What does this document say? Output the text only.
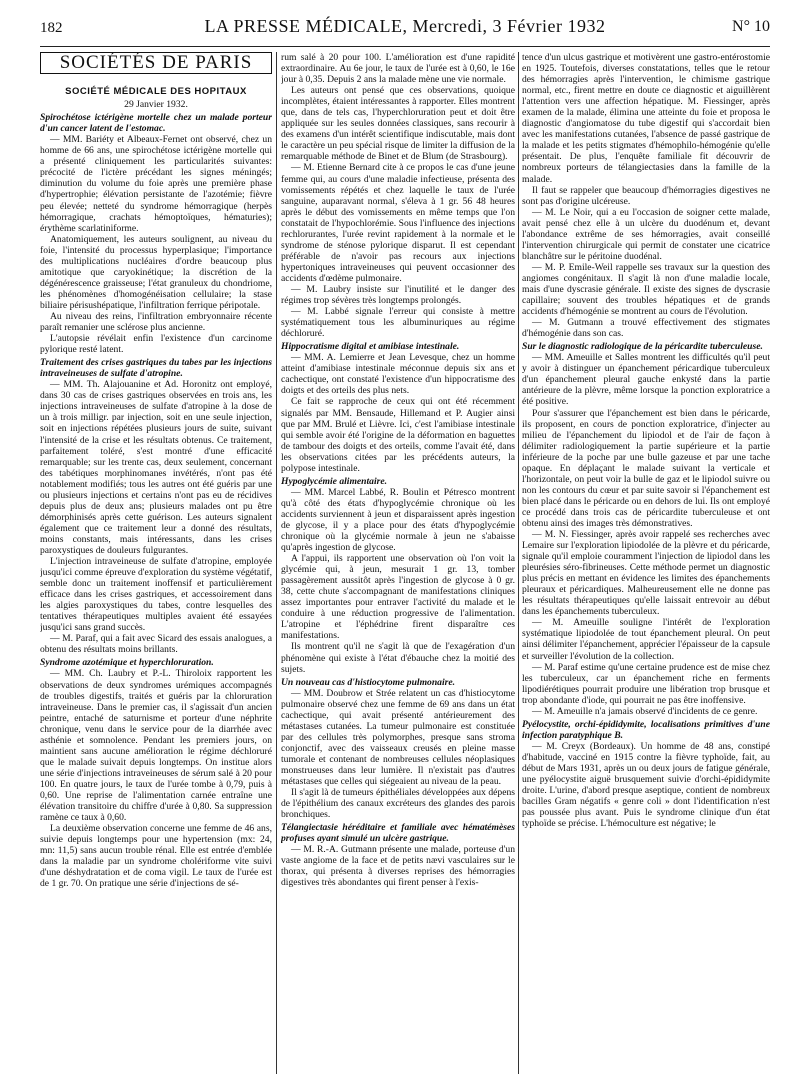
182	LA PRESSE MÉDICALE, Mercredi, 3 Février 1932	N° 10
SOCIÉTÉS DE PARIS
SOCIÉTÉ MÉDICALE DES HOPITAUX
29 Janvier 1932.

Spirochétose ictérigène mortelle chez un malade porteur d'un cancer latent de l'estomac.

— MM. Bariéty et Albeaux-Fernet ont observé, chez un homme de 66 ans, une spirochétose ictérigène mortelle qui a présenté cliniquement les particularités suivantes: précocité de l'ictère précédant les signes méningés; diminution du volume du foie après une première phase d'hypertrophie; élévation persistante de l'azotémie; fièvre peu élevée; netteté du syndrome hémorragique (herpès hémorragique, crachats hémoptoïques, hématuries); érythème scarlatiniforme.

Anatomiquement, les auteurs soulignent, au niveau du foie, l'intensité du processus hyperplasique; l'importance des multiplications nucléaires d'ordre beaucoup plus amitotique que caryokinétique; la discrétion de la dégénérescence graisseuse; l'état granuleux du chondriome, les phénomènes d'homogénéisation cellulaire; la stase biliaire périsushépatique, l'infiltration ferrique péripotale.

Au niveau des reins, l'infiltration embryonnaire récente paraît remanier une sclérose plus ancienne.

L'autopsie révélait enfin l'existence d'un carcinome pylorique resté latent.

Traitement des crises gastriques du tabes par les injections intraveineuses de sulfate d'atropine.

— MM. Th. Alajouanine et Ad. Horonitz ont employé, dans 30 cas de crises gastriques observées en trois ans, les injections intraveineuses de sulfate d'atropine à la dose de un à trois milligr. par injection, soit en une seule injection, soit en injections répétées plusieurs jours de suite, suivant l'intensité de la crise et les résultats obtenus. Ce traitement, parfaitement toléré, s'est montré d'une efficacité remarquable; sur les trente cas, deux seulement, concernant des tabétiques morphinomanes invétérés, n'ont pas été notablement modifiés; tous les autres ont été guéris par une ou plusieurs injections et certains n'ont pas eu de récidives depuis plus de deux ans; plusieurs malades ont pu être démorphinisés après cette guérison. Les auteurs signalent également que ce traitement leur a donné des résultats, moins constants, mais intéressants, dans les crises paroxystiques de douleurs fulgurantes.

L'injection intraveineuse de sulfate d'atropine, employée jusqu'ici comme épreuve d'exploration du système végétatif, semble donc un traitement inoffensif et particulièrement efficace dans les crises gastriques, et accessoirement dans les algies paroxystiques du tabes, contre lesquelles des tentatives thérapeutiques multiples avaient été essayées jusqu'ici sans grand succès.

— M. Paraf, qui a fait avec Sicard des essais analogues, a obtenu des résultats moins brillants.

Syndrome azotémique et hyperchloruration.

— MM. Ch. Laubry et P.-L. Thiroloix rapportent les observations de deux syndromes urémiques accompagnés de troubles digestifs, traités et guéris par la chloruration intraveineuse. Dans le premier cas, il s'agissait d'un ancien peintre, entaché de saturnisme et porteur d'une néphrite chronique, venu dans le service pour de la diarrhée avec asthénie et somnolence. Pendant les premiers jours, on maintient sans aucune amélioration le régime déchloruré que le malade suivait depuis longtemps. On institue alors une série d'injections intraveineuses de sérum salé à 20 pour 100. En quatre jours, le taux de l'urée tombe à 0,79, puis à 0,60. Une reprise de l'alimentation carnée entraîne une élévation transitoire du chiffre d'urée à 0,80. Sa suppression ramène ce taux à 0,60.

La deuxième observation concerne une femme de 46 ans, suivie depuis longtemps pour une hypertension (mx: 24, mn: 11,5) sans aucun trouble rénal. Elle est entrée d'emblée dans la maladie par un syndrome cholériforme vite suivi d'une déshydratation et de coma vigil. Le taux de l'urée est de 1 gr. 70. On pratique une série d'injections de sé-

rum salé à 20 pour 100. L'amélioration est d'une rapidité extraordinaire. Au 6e jour, le taux de l'urée est à 0,60, le 16e jour à 0,35. Depuis 2 ans la malade mène une vie normale.

Les auteurs ont pensé que ces observations, quoique incomplètes, étaient intéressantes à rapporter. Elles montrent que, dans de tels cas, l'hyperchloruration peut et doit être appliquée sur les seules données classiques, sans recourir à des examens d'un intérêt scientifique indiscutable, mais dont le caractère un peu spécial risque de limiter la diffusion de la remarquable méthode de Binet et de Blum (de Strasbourg).

— M. Etienne Bernard cite à ce propos le cas d'une jeune femme qui, au cours d'une maladie infectieuse, présenta des vomissements répétés et chez laquelle le taux de l'urée sanguine, auparavant normal, s'éleva à 1 gr. 56 48 heures après le début des vomissements en même temps que l'on constatait de l'hypochlorémie. Sous l'influence des injections rechlorurantes, l'urée revint rapidement à la normale et le syndrome de sténose pylorique disparut. Il est cependant préférable de n'avoir pas recours aux injections hypertoniques intraveineuses qui peuvent occasionner des accidents d'œdème pulmonaire.

— M. Laubry insiste sur l'inutilité et le danger des régimes trop sévères très longtemps prolongés.

— M. Labbé signale l'erreur qui consiste à mettre systématiquement tous les albuminuriques au régime déchloruré.

Hippocratisme digital et amibiase intestinale.

— MM. A. Lemierre et Jean Levesque, chez un homme atteint d'amibiase intestinale méconnue depuis six ans et cachectique, ont constaté l'existence d'un hippocratisme des doigts et des orteils des plus nets.

Ce fait se rapproche de ceux qui ont été récemment signalés par MM. Bensaude, Hillemand et P. Augier ainsi que par MM. Brulé et Lièvre. Ici, c'est l'amibiase intestinale qui semble avoir été l'origine de la déformation en baguettes de tambour des doigts et des orteils, comme l'avait été, dans les observations citées par les précédents auteurs, la polypose intestinale.

Hypoglycémie alimentaire.

— MM. Marcel Labbé, R. Boulin et Pétresco montrent qu'à côté des états d'hypoglycémie chronique où les accidents surviennent à jeun et disparaissent après ingestion de glycose, il y a place pour des états d'hypoglycémie chronique où la glycémie normale à jeun ne s'abaisse qu'après ingestion de glycose.

A l'appui, ils rapportent une observation où l'on voit la glycémie qui, à jeun, mesurait 1 gr. 13, tomber passagèrement aussitôt après l'ingestion de glycose à 0 gr. 38, cette chute s'accompagnant de manifestations cliniques assez importantes pour entraver l'activité du malade et le conduire à une réduction progressive de l'alimentation. L'atropine et l'éphédrine firent disparaître ces manifestations.

Ils montrent qu'il ne s'agit là que de l'exagération d'un phénomène qui existe à l'état d'ébauche chez la moitié des sujets.

Un nouveau cas d'histiocytome pulmonaire.

— MM. Doubrow et Strée relatent un cas d'histiocytome pulmonaire observé chez une femme de 69 ans dans un état cachectique, qui avait présenté antérieurement des métastases cutanées. La tumeur pulmonaire est constituée par des cellules très polymorphes, presque sans stroma conjonctif, avec des vaisseaux creusés en pleine masse tumorale et contenant de nombreuses cellules néoplasiques monstrueuses dans leur lumière. Il n'existait pas d'autres métastases que celles qui siégeaient au niveau de la peau.

Il s'agit là de tumeurs épithéliales développées aux dépens de l'épithélium des canaux excréteurs des glandes des parois bronchiques.

Télangiectasie héréditaire et familiale avec hématémèses profuses ayant simulé un ulcère gastrique.

— M. R.-A. Gutmann présente une malade, porteuse d'un vaste angiome de la face et de petits nævi vasculaires sur le thorax, qui présenta à diverses reprises des hémorragies digestives très abondantes qui firent penser à l'exis-

tence d'un ulcus gastrique et motivèrent une gastro-entérostomie en 1925. Toutefois, diverses constatations, telles que le retour des hémorragies après l'intervention, le chimisme gastrique normal, etc., firent mettre en doute ce diagnostic et aiguillèrent l'attention vers une affection hépatique. M. Fiessinger, après examen de la malade, élimina une atteinte du foie et proposa le diagnostic d'angiomatose du tube digestif qui s'accordait bien avec les manifestations cutanées, l'absence de passé gastrique de la malade et les petits stigmates d'hémophilo-hémogénie qu'elle présentait. De plus, l'enquête familiale fit découvrir de nombreux porteurs de télangiectasies dans la famille de la malade.

Il faut se rappeler que beaucoup d'hémorragies digestives ne sont pas d'origine ulcéreuse.

— M. Le Noir, qui a eu l'occasion de soigner cette malade, avait pensé chez elle à un ulcère du duodénum et, devant l'abondance extrême de ses hémorragies, avait conseillé l'intervention chirurgicale qui permit de constater une cicatrice blanchâtre sur le péritoine duodénal.

— M. P. Emile-Weil rappelle ses travaux sur la question des angiomes congénitaux. Il s'agit là non d'une maladie locale, mais d'une dyscrasie générale. Il existe des signes de dyscrasie capillaire; souvent des troubles hépatiques et de grands accidents d'hémogénie se montrent au cours de l'évolution.

— M. Gutmann a trouvé effectivement des stigmates d'hémogénie dans son cas.

Sur le diagnostic radiologique de la péricardite tuberculeuse.

— MM. Ameuille et Salles montrent les difficultés qu'il peut y avoir à distinguer un épanchement péricardique tuberculeux d'un épanchement pleural gauche enkysté dans la partie antérieure de la plèvre, même lorsque la ponction exploratrice a été positive.

Pour s'assurer que l'épanchement est bien dans le péricarde, ils proposent, en cours de ponction exploratrice, d'injecter au milieu de l'épanchement du lipiodol et de l'air de façon à délimiter radiologiquement la partie supérieure et la partie inférieure de la poche par une bulle gazeuse et par une tache opaque. En déplaçant le malade suivant la verticale et l'horizontale, on peut voir la bulle de gaz et le lipiodol suivre ou non les contours du cœur et par suite savoir si l'épanchement est bien placé dans le péricarde ou en dehors de lui. Ils ont employé ce procédé dans trois cas de péricardite tuberculeuse et ont obtenu ainsi des images très démonstratives.

— M. N. Fiessinger, après avoir rappelé ses recherches avec Lemaire sur l'exploration lipiodolée de la plèvre et du péricarde, signale qu'il emploie couramment l'injection de lipiodol dans les pleurésies séro-fibrineuses. Cette méthode permet un diagnostic plus précis en mettant en évidence les limites des épanchements pleuraux et péricardiques. Malheureusement elle ne donne pas les résultats thérapeutiques qu'elle laissait entrevoir au début dans les épanchements tuberculeux.

— M. Ameuille souligne l'intérêt de l'exploration systématique lipiodolée de tout épanchement pleural. On peut ainsi délimiter l'épanchement, apprécier l'épaisseur de la capsule et surveiller l'évolution de la collection.

— M. Paraf estime qu'une certaine prudence est de mise chez les tuberculeux, car un épanchement riche en ferments lipodiérétiques pourrait produire une libération trop brusque et trop abondante d'iode, qui pourrait ne pas être inoffensive.

— M. Ameuille n'a jamais observé d'incidents de ce genre.

Pyélocystite, orchi-épididymite, localisations primitives d'une infection paratyphique B.

— M. Creyx (Bordeaux). Un homme de 48 ans, constipé d'habitude, vacciné en 1915 contre la fièvre typhoïde, fait, au début de Mars 1931, après un ou deux jours de fatigue générale, une pyélocystite aiguë brusquement suivie d'orchi-épididymite droite. L'urine, d'abord presque aseptique, contient de nombreux bacilles Gram négatifs « genre coli » dont l'identification n'est pas poussée plus avant. Puis le syndrome clinique d'un état typhoïde se précise. L'hémoculture est négative; le
